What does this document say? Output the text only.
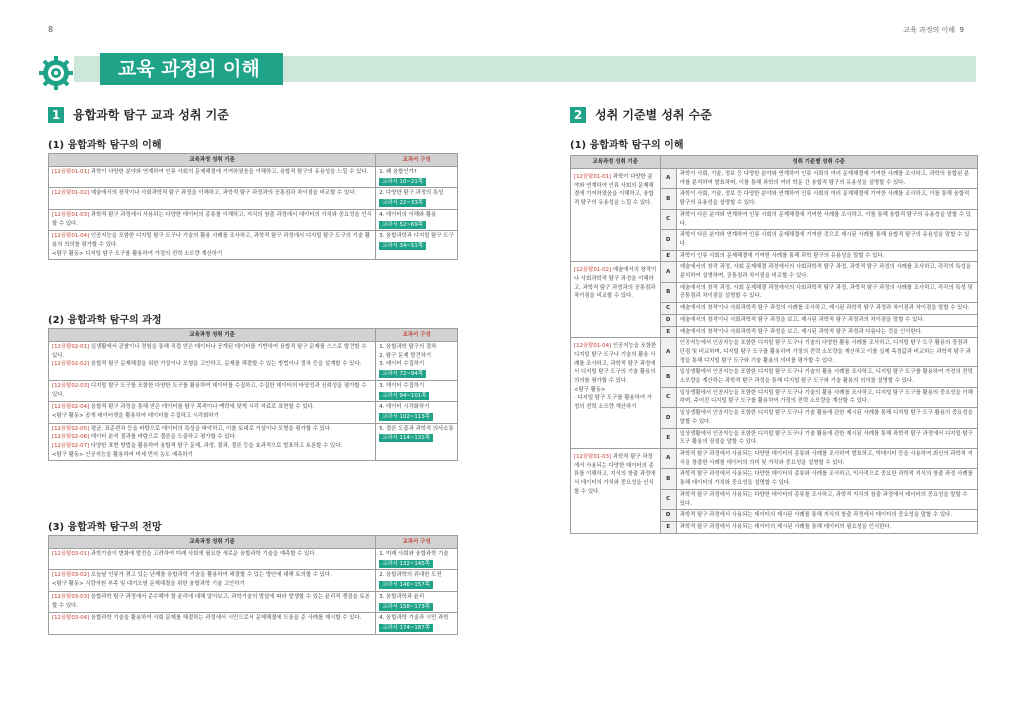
8	교육 과정의 이해 9
교육 과정의 이해
1	융합과학 탐구 교과 성취 기준	2	성취 기준별 성취 수준
(1) 융합과학 탐구의 이해
교육과정 성취 기준	교과서 구성

[12융탐01-01] 과학이 다양한 분야와 연계하여 인류 사회의 문제해결에 기여하였음을 이해하고, 융합적 탐구의 유용성을 느낄 수 있다.	1. 왜 융합인가?
교과서 10~21쪽

[12융탐01-02] 예술에서의 창작이나 사회과학적 탐구 과정을 이해하고, 과학적 탐구 과정과의 공통점과 차이점을 비교할 수 있다.	2. 다양한 탐구 과정의 특성
교과서 22~33쪽

[12융탐01-03] 과학적 탐구 과정에서 사용되는 다양한 데이터의 종류를 이해하고, 지식의 창출 과정에서 데이터의 가치와 중요성을 인식할 수 있다.	4. 데이터의 이해와 활용
교과서 52~69쪽

[12융탐01-04] 인공지능을 포함한 디지털 탐구 도구나 기술의 활용 사례를 조사하고, 과학적 탐구 과정에서 디지털 탐구 도구의 기술 활용의 의의를 평가할 수 있다.
<탐구 활동> 디지털 탐구 도구를 활용하여 가정의 전력 소모량 계산하기	3. 융합과학과 디지털 탐구 도구
교과서 34~51쪽
(2) 융합과학 탐구의 과정
교육과정 성취 기준	교과서 구성

[12융탐02-01] 실생활에서 관찰이나 경험을 통해 직접 얻은 데이터나 공개된 데이터를 기반하여 융합적 탐구 문제를 스스로 발견할 수 있다.
[12융탐02-02] 융합적 탐구 문제해결을 위한 가설이나 모형을 고안하고, 문제를 해결할 수 있는 방법이나 절차 등을 설계할 수 있다.	1. 융합과학 탐구의 절차
2. 탐구 문제 발견하기
3. 데이터 수집하기
교과서 72~94쪽

[12융탐02-03] 디지털 탐구 도구를 포함한 다양한 도구를 활용하여 데이터를 수집하고, 수집한 데이터의 타당성과 신뢰성을 평가할 수 있다.	3. 데이터 수집하기
교과서 94~101쪽

[12융탐02-04] 융합적 탐구 과정을 통해 얻은 데이터를 탐구 목적이나 맥락에 맞게 시각 자료로 표현할 수 있다.
<탐구 활동> 공개 데이터셋을 활용하여 데이터를 수집하고 시각화하기	4. 데이터 시각화하기
교과서 102~113쪽

[12융탐02-05] 평균, 표준편차 등을 바탕으로 데이터의 특성을 파악하고, 이를 토대로 가설이나 모형을 평가할 수 있다.
[12융탐02-06] 데이터 분석 결과를 바탕으로 결론을 도출하고 평가할 수 있다.
[12융탐02-07] 다양한 표현 방법을 활용하여 융합적 탐구 문제, 과정, 결과, 결론 등을 효과적으로 발표하고 토론할 수 있다.
<탐구 활동> 인공지능을 활용하여 미세 먼지 농도 예측하기	5. 결론 도출과 과학적 의사소통
교과서 114~131쪽
(3) 융합과학 탐구의 전망
교육과정 성취 기준	교과서 구성

[12융탐03-01] 과학기술이 변화에 발전을 고려하여 미래 사회에 필요한 새로운 융합과학 기술을 예측할 수 있다.	1. 미래 사회와 융합과학 기술
교과서 132~145쪽

[12융탐03-02] 오늘날 인류가 겪고 있는 난제를 융합과학 기술을 활용하여 해결할 수 있는 방안에 대해 토의할 수 있다.
<탐구 활동> 식량자원 부족 및 대기오염 문제해결을 위한 융합과학 기술 고안하기	2. 융합과학의 위대한 도전
교과서 146~157쪽

[12융탐03-03] 융합과학 탐구 과정에서 준수해야 할 윤리에 대해 알아보고, 과학기술의 발달에 따라 발생할 수 있는 윤리적 쟁점을 토론할 수 있다.	3. 융합과학과 윤리
교과서 158~173쪽

[12융탐03-04] 융합과학 기술을 활용하여 사회 문제를 해결하는 과정에서 시민으로서 문제해결에 도움을 준 사례를 제시할 수 있다.	4. 융합과학 기술과 시민 과학
교과서 174~187쪽
(1) 융합과학 탐구의 이해
교육과정 성취 기준	성취 기준별 성취 수준	

[12융탐01-01] 과학이 다양한 분야와 연계하여 인류 사회의 문제해결에 기여하였음을 이해하고, 융합적 탐구의 유용성을 느낄 수 있다.	A	과학이 사회, 기술, 정보 등 다양한 분야와 연계하여 인류 사회의 여러 문제해결에 기여한 사례를 조사하고, 과학의 융합된 분야를 분석하여 발표하며, 이를 통해 과학의 여러 학문 간 융합적 탐구의 유용성을 설명할 수 있다.
	B	과학이 사회, 기술, 정보 등 다양한 분야와 연계하여 인류 사회의 여러 문제해결에 기여한 사례를 조사하고, 이를 통해 융합적 탐구의 유용성을 설명할 수 있다.
	C	과학이 다른 분야와 연계하여 인류 사회의 문제해결에 기여한 사례를 조사하고, 이를 통해 융합적 탐구의 유용성을 말할 수 있다.
	D	과학이 다른 분야와 연계하여 인류 사회의 문제해결에 기여한 것으로 제시된 사례를 통해 융합적 탐구의 유용성을 말할 수 있다.
	E	과학이 인류 사회의 문제해결에 기여한 사례를 통해 과학 탐구의 유용성을 말할 수 있다.

[12융탐01-02] 예술에서의 창작이나 사회과학적 탐구 과정을 이해하고, 과학적 탐구 과정과의 공통점과 차이점을 비교할 수 있다.	A	예술에서의 창작 과정, 사회 문제해결 과정에서의 사회과학적 탐구 과정, 과학적 탐구 과정의 사례를 조사하고, 각각의 특성을 분석하여 설명하며, 공통점과 차이점을 비교할 수 있다.
	B	예술에서의 창작 과정, 사회 문제해결 과정에서의 사회과학적 탐구 과정, 과학적 탐구 과정의 사례를 조사하고, 각각의 특성 및 공통점과 차이점을 설명할 수 있다.
	C	예술에서의 창작이나 사회과학적 탐구 과정의 사례를 조사하고, 제시된 과학적 탐구 과정과 차이점과 차이점을 말할 수 있다.
	D	예술에서의 창작이나 사회과학적 탐구 과정을 보고, 제시된 과학적 탐구 과정과의 차이점을 말할 수 있다.
	E	예술에서의 창작이나 사회과학적 탐구 과정을 보고, 제시된 과학적 탐구 과정과 다름다는 것을 인식한다.

[12융탐01-04] 인공지능을 포함한 디지털 탐구 도구나 기술의 활용 사례를 조사하고, 과학적 탐구 과정에서 디지털 탐구 도구의 기술 활용의 의의를 평가할 수 있다.
<탐구 활동>
· 디지털 탐구 도구를 활용하여 가정의 전력 소모량 계산하기	A	인공지능에서 인공지능을 포함한 디지털 탐구 도구나 기술의 다양한 활용 사례를 조사하고, 디지털 탐구 도구 활용의 장점과 단점 및 비교하며, 디지털 탐구 도구를 활용하여 가정의 전력 소모량을 계산하고 이를 실제 측정값과 비교하는 과학적 탐구 과정을 통해 디지털 탐구 도구와 기술 활용의 의미를 평가할 수 있다.
	B	일상생활에서 인공지능을 포함한 디지털 탐구 도구나 기술의 활용 사례를 조사하고, 디지털 탐구 도구를 활용하여 가정의 전력 소모량을 계산하는 과학적 탐구 과정을 통해 디지털 탐구 도구와 기술 활용의 의의를 설명할 수 있다.
	C	일상생활에서 인공지능을 포함한 디지털 탐구 도구나 기술의 활용 사례를 조사하고, 디지털 탐구 도구를 활용의 중요성을 이해하며, 주어진 디지털 탐구 도구를 활용하여 가정의 전력 소모량을 계산할 수 있다.
	D	일상생활에서 인공지능을 포함한 디지털 탐구 도구나 기술 활용에 관한 제시된 사례를 통해 디지털 탐구 도구 활용의 중요성을 말할 수 있다.
	E	일상생활에서 인공지능을 포함한 디지털 탐구 도구나 기술 활용에 관한 제시된 사례를 통해 과학적 탐구 과정에서 디지털 탐구 도구 활용의 장점을 말할 수 있다.

[12융탐01-03] 과학적 탐구 과정에서 사용되는 다양한 데이터의 종류를 이해하고, 지식의 창출 과정에서 데이터의 가치와 중요성을 인식할 수 있다.	A	과학적 탐구 과정에서 사용되는 다양한 데이터의 종류와 사례를 조사하여 발표하고, 빅데이터 등을 사용하여 최신의 과학적 지식을 창출한 사례를 데이터의 의미 및 가치와 중요성을 설명할 수 있다.
	B	과학적 탐구 과정에서 사용되는 다양한 데이터의 종류와 사례를 조사하고, 익사적으로 중요한 과학적 지식의 창출 과정 사례를 통해 데이터의 가치와 중요성을 설명할 수 있다.
	C	과학적 탐구 과정에서 사용되는 다양한 데이터의 종류를 조사하고, 과학적 지식의 창출 과정에서 데이터의 중요성을 말할 수 있다.
	D	과학적 탐구 과정에서 사용되는 데이터의 제시된 사례를 통해 지식의 창출 과정에서 데이터의 중요성을 말할 수 있다.
	E	과학적 탐구 과정에서 사용되는 데이터의 제시된 사례를 통해 데이터의 필요성을 인식한다.
